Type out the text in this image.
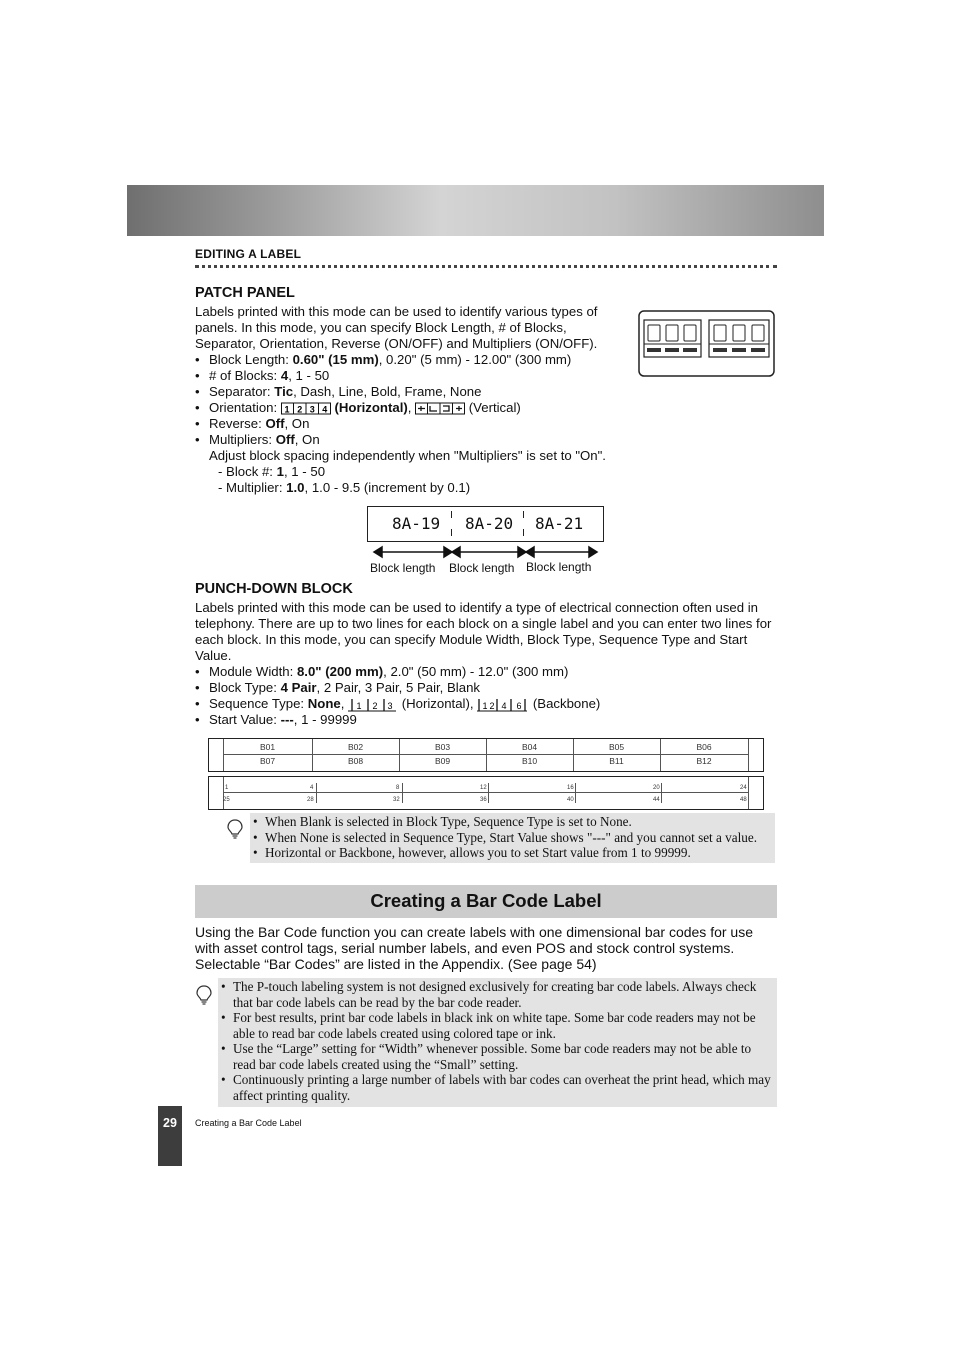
EDITING A LABEL
PATCH PANEL
Labels printed with this mode can be used to identify various types of panels. In this mode, you can specify Block Length, # of Blocks, Separator, Orientation, Reverse (ON/OFF) and Multipliers (ON/OFF).
• Block Length: 0.60" (15 mm), 0.20" (5 mm) - 12.00" (300 mm)
• # of Blocks: 4, 1 - 50
• Separator: Tic, Dash, Line, Bold, Frame, None
• Orientation: 1 2 3 4 (Horizontal),	(Vertical)
• Reverse: Off, On
• Multipliers: Off, On
Adjust block spacing independently when "Multipliers" is set to "On".
- Block #: 1, 1 - 50
- Multiplier: 1.0, 1.0 - 9.5 (increment by 0.1)
8A-19 8A-20 8A-21
Block length Block length Block length
PUNCH-DOWN BLOCK
Labels printed with this mode can be used to identify a type of electrical connection often used in telephony. There are up to two lines for each block on a single label and you can enter two lines for each block. In this mode, you can specify Module Width, Block Type, Sequence Type and Start Value.
• Module Width: 8.0" (200 mm), 2.0" (50 mm) - 12.0" (300 mm)
• Block Type: 4 Pair, 2 Pair, 3 Pair, 5 Pair, Blank
• Sequence Type: None, 1 2 3 (Horizontal), 1 2 4 6 (Backbone)
• Start Value: ---, 1 - 99999
B01	B02	B03	B04	B05	B06
B07	B08	B09	B10	B11	B12
1	4	8	12	16	20	24
25	28	32	36	40	44	48
• When Blank is selected in Block Type, Sequence Type is set to None.
• When None is selected in Sequence Type, Start Value shows "---" and you cannot set a value.
• Horizontal or Backbone, however, allows you to set Start value from 1 to 99999.
Creating a Bar Code Label
Using the Bar Code function you can create labels with one dimensional bar codes for use with asset control tags, serial number labels, and even POS and stock control systems. Selectable “Bar Codes” are listed in the Appendix. (See page 54)
• The P-touch labeling system is not designed exclusively for creating bar code labels. Always check that bar code labels can be read by the bar code reader.
• For best results, print bar code labels in black ink on white tape. Some bar code readers may not be able to read bar code labels created using colored tape or ink.
• Use the “Large” setting for “Width” whenever possible. Some bar code readers may not be able to read bar code labels created using the “Small” setting.
• Continuously printing a large number of labels with bar codes can overheat the print head, which may affect printing quality.
29	Creating a Bar Code Label
